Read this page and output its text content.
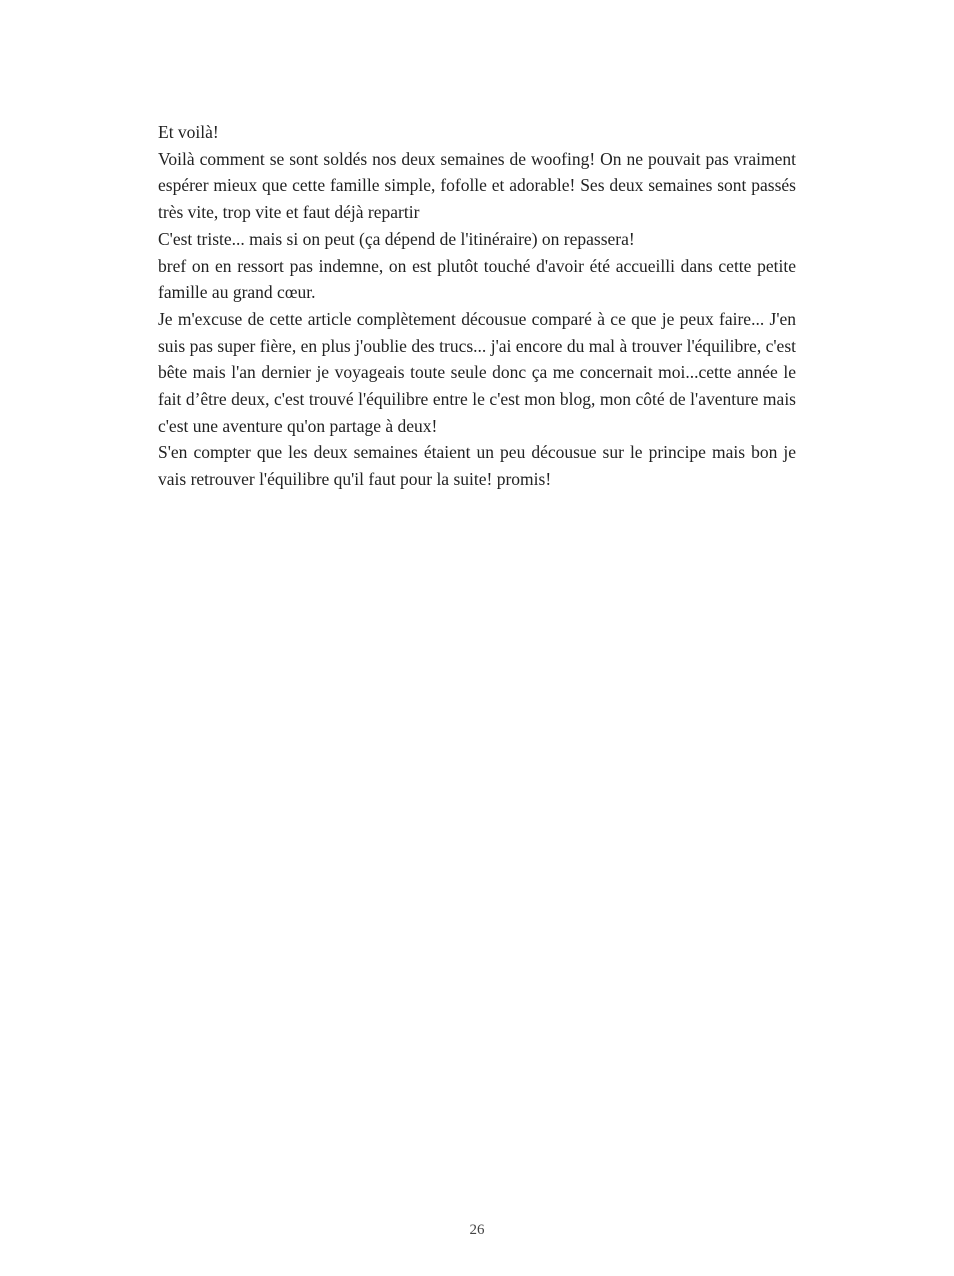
Et voilà!

Voilà comment se sont soldés nos deux semaines de woofing! On ne pouvait pas vraiment espérer mieux que cette famille simple, fofolle et adorable! Ses deux semaines sont passés très vite, trop vite et faut déjà repartir

C'est triste... mais si on peut (ça dépend de l'itinéraire) on repassera!

bref on en ressort pas indemne, on est plutôt touché d'avoir été accueilli dans cette petite famille au grand cœur.

Je m'excuse de cette article complètement décousue comparé à ce que je peux faire... J'en suis pas super fière, en plus j'oublie des trucs... j'ai encore du mal à trouver l'équilibre, c'est bête mais l'an dernier je voyageais toute seule donc ça me concernait moi...cette année le fait d’être deux, c'est trouvé l'équilibre entre le c'est mon blog, mon côté de l'aventure mais c'est une aventure qu'on partage à deux!

S'en compter que les deux semaines étaient un peu décousue sur le principe mais bon je vais retrouver l'équilibre qu'il faut pour la suite! promis!

26
